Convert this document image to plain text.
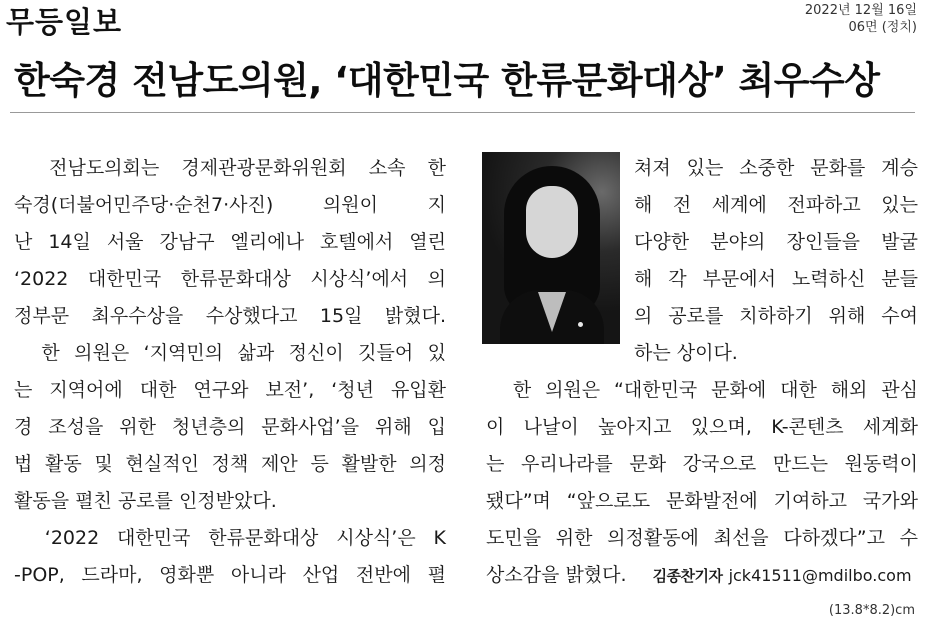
무등일보	2022년 12월 16일
06면 (정치)
한숙경 전남도의원, ‘대한민국 한류문화대상’ 최우수상
　전남도의회는 경제관광문화위원회 소속 한
숙경(더불어민주당·순천7·사진) 의원이 지
난 14일 서울 강남구 엘리에나 호텔에서 열린
‘2022 대한민국 한류문화대상 시상식’에서 의
정부문 최우수상을 수상했다고 15일 밝혔다.
　한 의원은 ‘지역민의 삶과 정신이 깃들어 있
는 지역어에 대한 연구와 보전’, ‘청년 유입환
경 조성을 위한 청년층의 문화사업’을 위해 입
법 활동 및 현실적인 정책 제안 등 활발한 의정
활동을 펼친 공로를 인정받았다.
　‘2022 대한민국 한류문화대상 시상식’은 K
-POP, 드라마, 영화뿐 아니라 산업 전반에 펼
쳐져 있는 소중한 문화를 계승
해 전 세계에 전파하고 있는
다양한 분야의 장인들을 발굴
해 각 부문에서 노력하신 분들
의 공로를 치하하기 위해 수여
하는 상이다.
　한 의원은 “대한민국 문화에 대한 해외 관심
이 나날이 높아지고 있으며, K-콘텐츠 세계화
는 우리나라를 문화 강국으로 만드는 원동력이
됐다”며 “앞으로도 문화발전에 기여하고 국가와
도민을 위한 의정활동에 최선을 다하겠다”고 수
상소감을 밝혔다. 김종찬기자 jck41511@mdilbo.com
(13.8*8.2)cm
